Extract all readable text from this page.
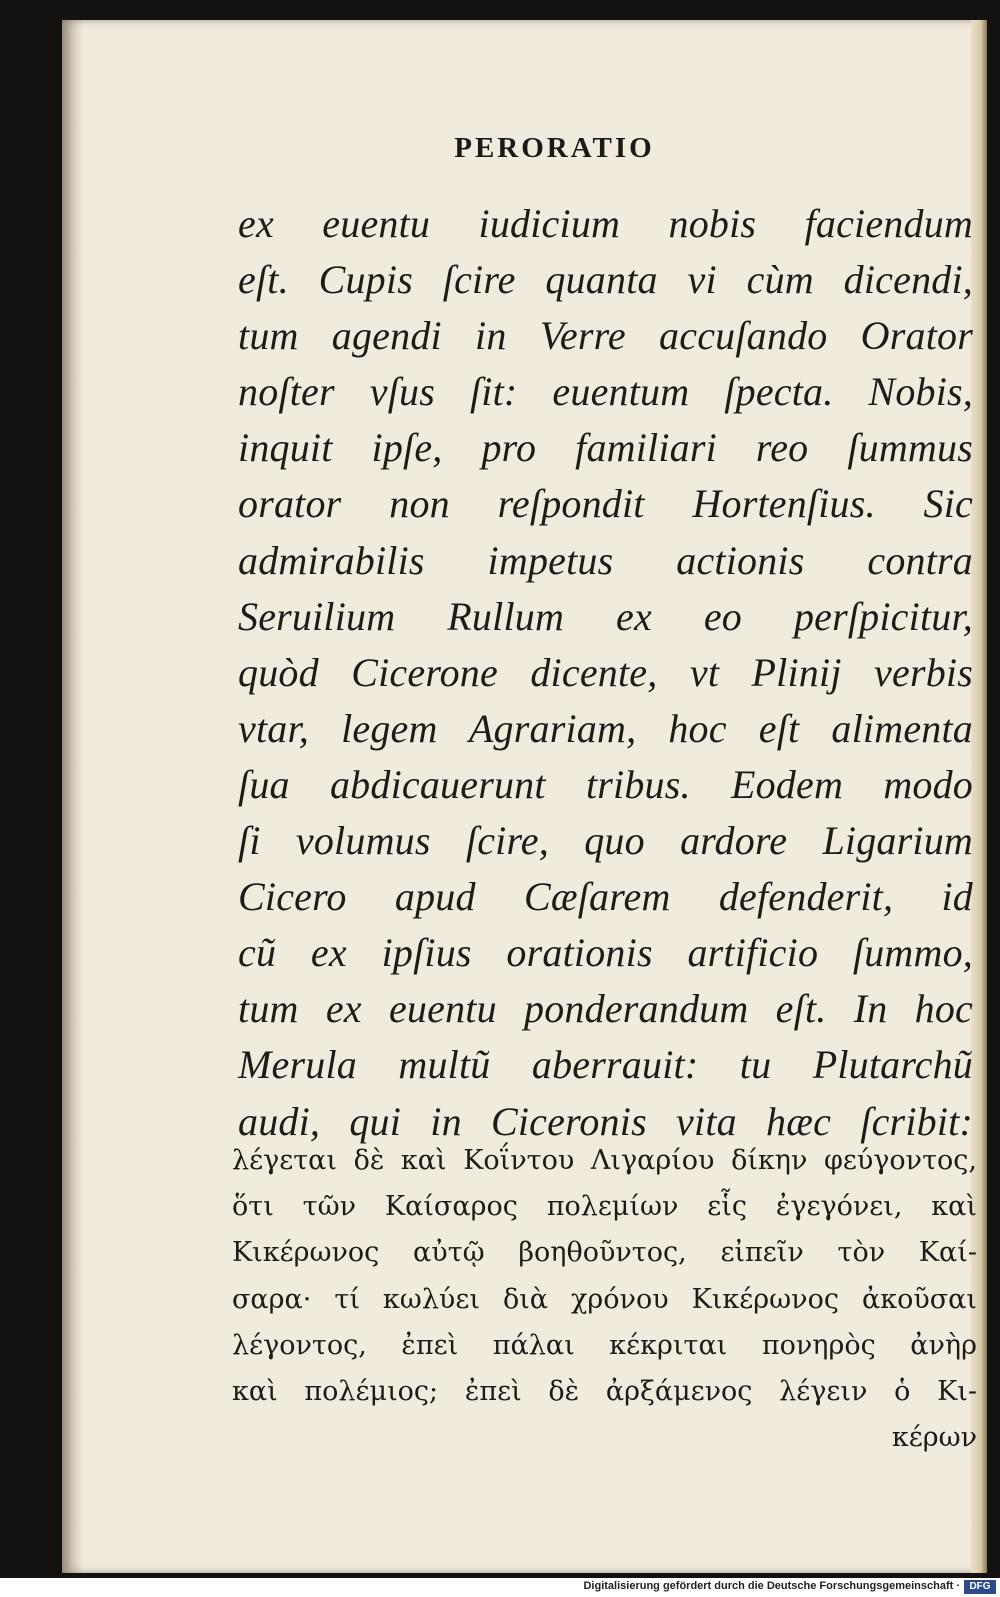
PERORATIO
ex euentu iudicium nobis faciendum
eſt. Cupis ſcire quanta vi cùm dicendi,
tum agendi in Verre accuſando Orator
noſter vſus ſit: euentum ſpecta. Nobis,
inquit ipſe, pro familiari reo ſummus
orator non reſpondit Hortenſius. Sic
admirabilis impetus actionis contra
Seruilium Rullum ex eo perſpicitur,
quòd Cicerone dicente, vt Plinij verbis
vtar, legem Agrariam, hoc eſt alimenta
ſua abdicauerunt tribus. Eodem modo
ſi volumus ſcire, quo ardore Ligarium
Cicero apud Cæſarem defenderit, id
cũ ex ipſius orationis artificio ſummo,
tum ex euentu ponderandum eſt. In hoc
Merula multũ aberrauit: tu Plutarchũ
audi, qui in Ciceronis vita hæc ſcribit:
λέγεται δὲ καὶ Κοΐντου Λιγαρίου δίκην φεύγοντος,
ὅτι τῶν Καίσαρος πολεμίων εἷς ἐγεγόνει, καὶ
Κικέρωνος αὐτῷ βοηθοῦντος, εἰπεῖν τὸν Καί-
σαρα· τί κωλύει διὰ χρόνου Κικέρωνος ἀκοῦσαι
λέγοντος, ἐπεὶ πάλαι κέκριται πονηρὸς ἀνὴρ
καὶ πολέμιος; ἐπεὶ δὲ ἀρξάμενος λέγειν ὁ Κι-
κέρων
Digitalisierung gefördert durch die Deutsche Forschungsgemeinschaft · DFG
